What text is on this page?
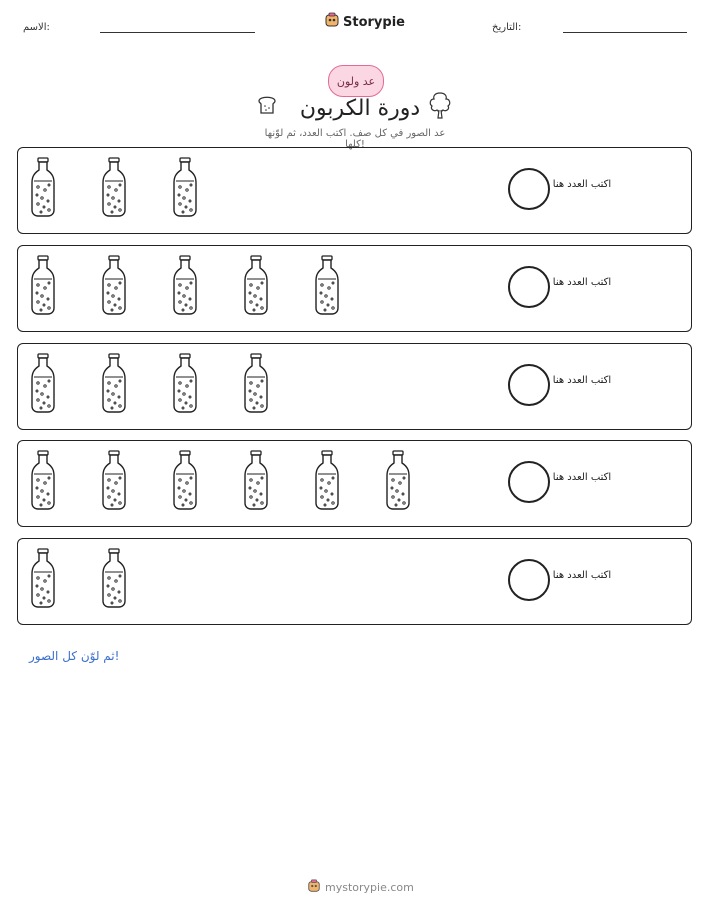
الاسم:	Storypie	التاريخ:
عد ولون
دورة الكربون
عد الصور في كل صف. اكتب العدد، ثم لوّنها كلها!
اكتب العدد هنا
اكتب العدد هنا
اكتب العدد هنا
اكتب العدد هنا
اكتب العدد هنا
ثم لوّن كل الصور!
mystorypie.com
